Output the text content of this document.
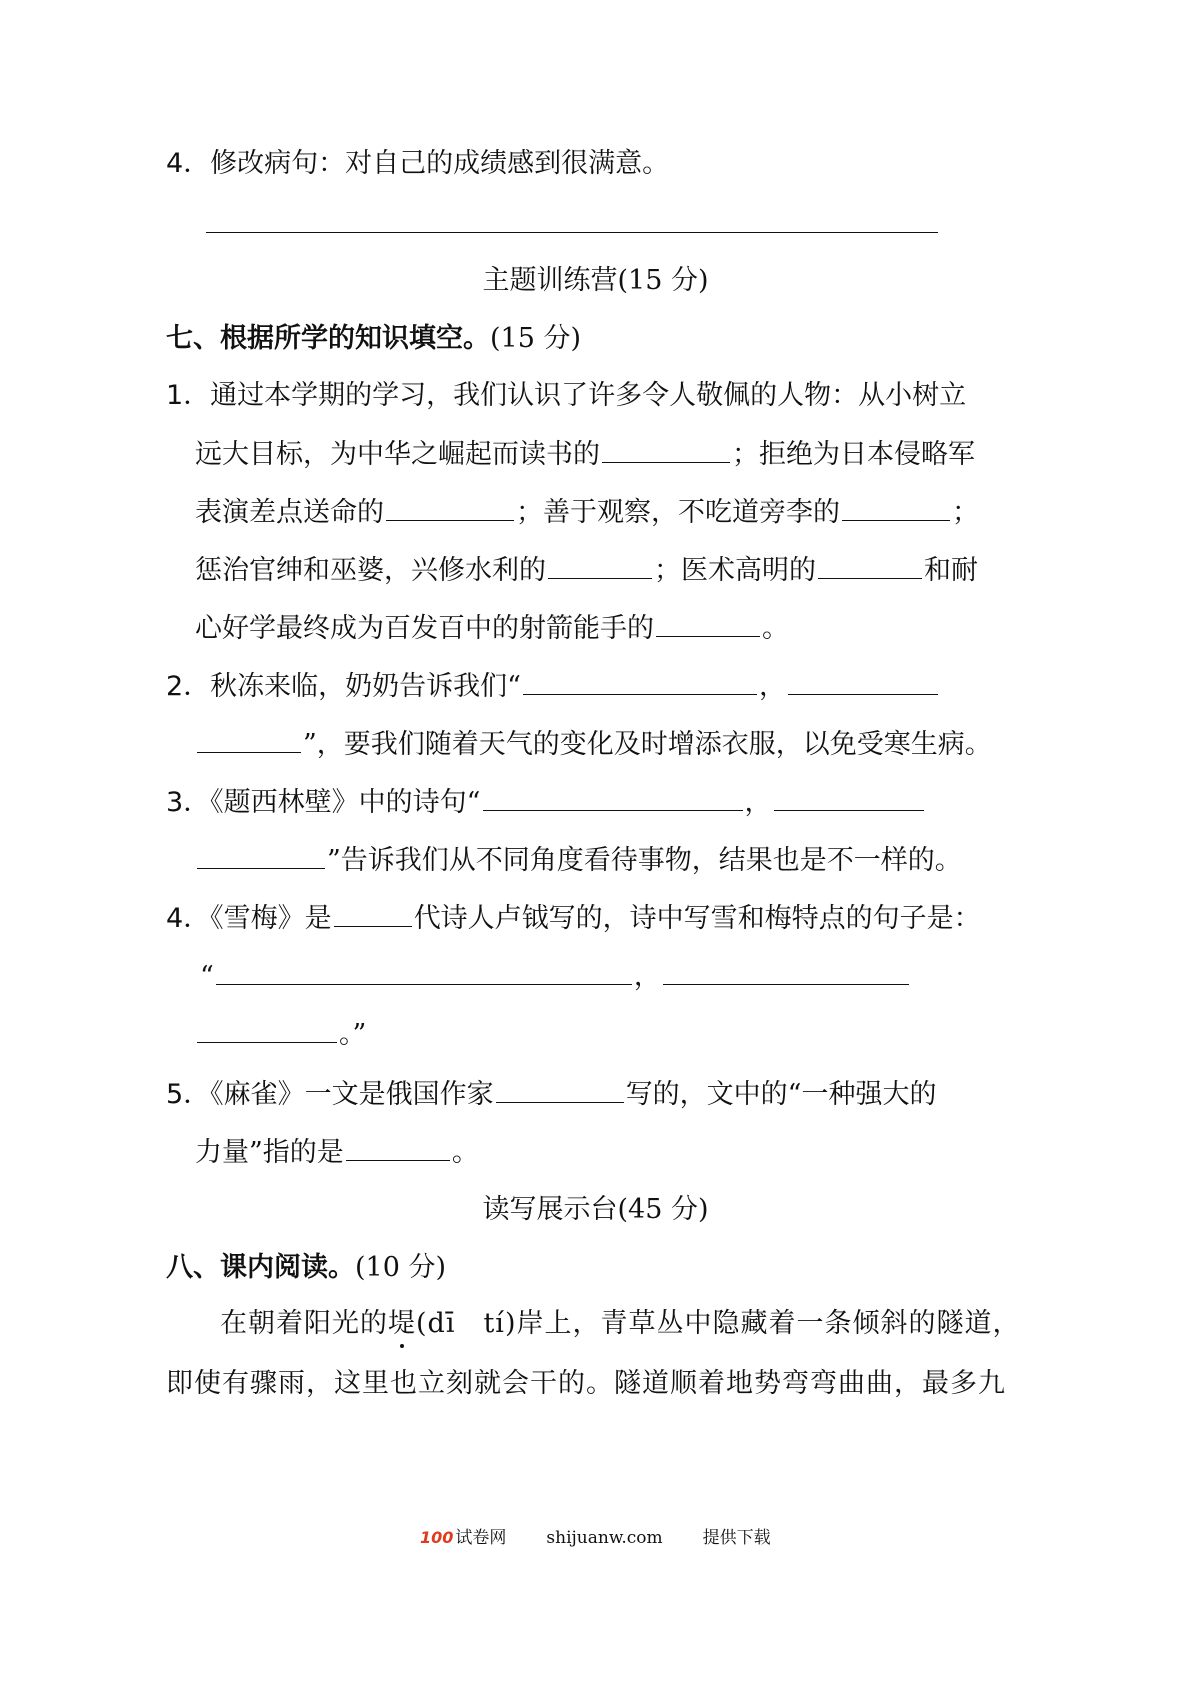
4．修改病句：对自己的成绩感到很满意。
主题训练营(15 分)
七、根据所学的知识填空。(15 分)
1．通过本学期的学习，我们认识了许多令人敬佩的人物：从小树立
远大目标，为中华之崛起而读书的	；拒绝为日本侵略军
表演差点送命的	；善于观察，不吃道旁李的	；
惩治官绅和巫婆，兴修水利的	；医术高明的	和耐
心好学最终成为百发百中的射箭能手的	。
2．秋冻来临，奶奶告诉我们“	，
”，要我们随着天气的变化及时增添衣服，以免受寒生病。
3．《题西林壁》中的诗句“	，
”告诉我们从不同角度看待事物，结果也是不一样的。
4．《雪梅》是	代诗人卢钺写的，诗中写雪和梅特点的句子是：
“	，
。”
5．《麻雀》一文是俄国作家	写的，文中的“一种强大的
力量”指的是	。
读写展示台(45 分)
八、课内阅读。(10 分)
在朝着阳光的堤(dī　tí)岸上，青草丛中隐藏着一条倾斜的隧道，
即使有骤雨，这里也立刻就会干的。隧道顺着地势弯弯曲曲，最多九
100 试卷网 shijuanw.com 提供下载
